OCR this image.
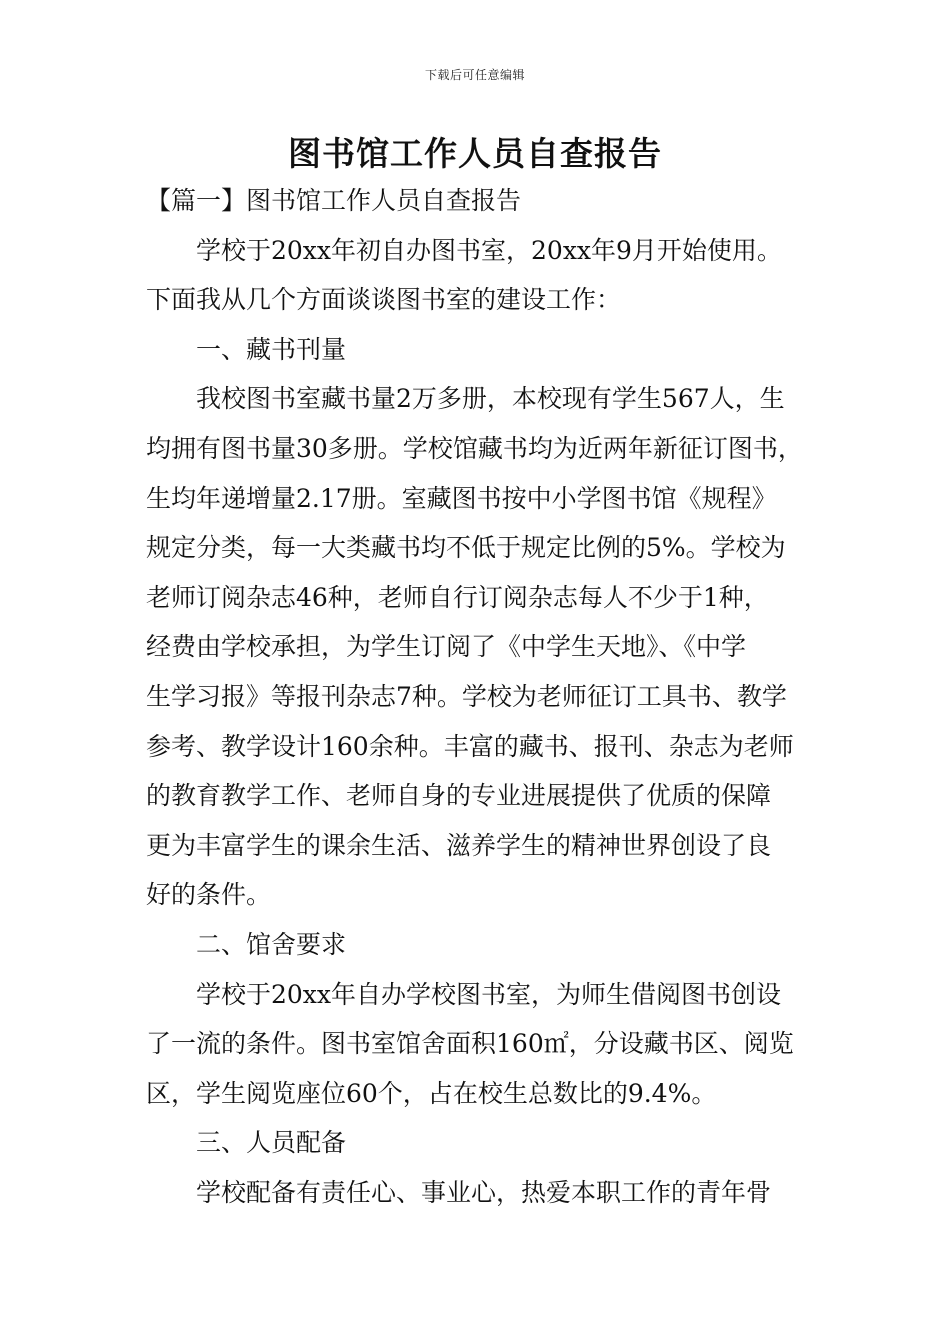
下载后可任意编辑
图书馆工作人员自查报告
【篇一】图书馆工作人员自查报告
学校于20xx年初自办图书室，20xx年9月开始使用。
下面我从几个方面谈谈图书室的建设工作：
一、藏书刊量
我校图书室藏书量2万多册，本校现有学生567人，生
均拥有图书量30多册。学校馆藏书均为近两年新征订图书，
生均年递增量2.17册。室藏图书按中小学图书馆《规程》
规定分类，每一大类藏书均不低于规定比例的5%。学校为
老师订阅杂志46种，老师自行订阅杂志每人不少于1种，
经费由学校承担，为学生订阅了《中学生天地》、《中学
生学习报》等报刊杂志7种。学校为老师征订工具书、教学
参考、教学设计160余种。丰富的藏书、报刊、杂志为老师
的教育教学工作、老师自身的专业进展提供了优质的保障
更为丰富学生的课余生活、滋养学生的精神世界创设了良
好的条件。
二、馆舍要求
学校于20xx年自办学校图书室，为师生借阅图书创设
了一流的条件。图书室馆舍面积160㎡，分设藏书区、阅览
区，学生阅览座位60个，占在校生总数比的9.4%。
三、人员配备
学校配备有责任心、事业心，热爱本职工作的青年骨
